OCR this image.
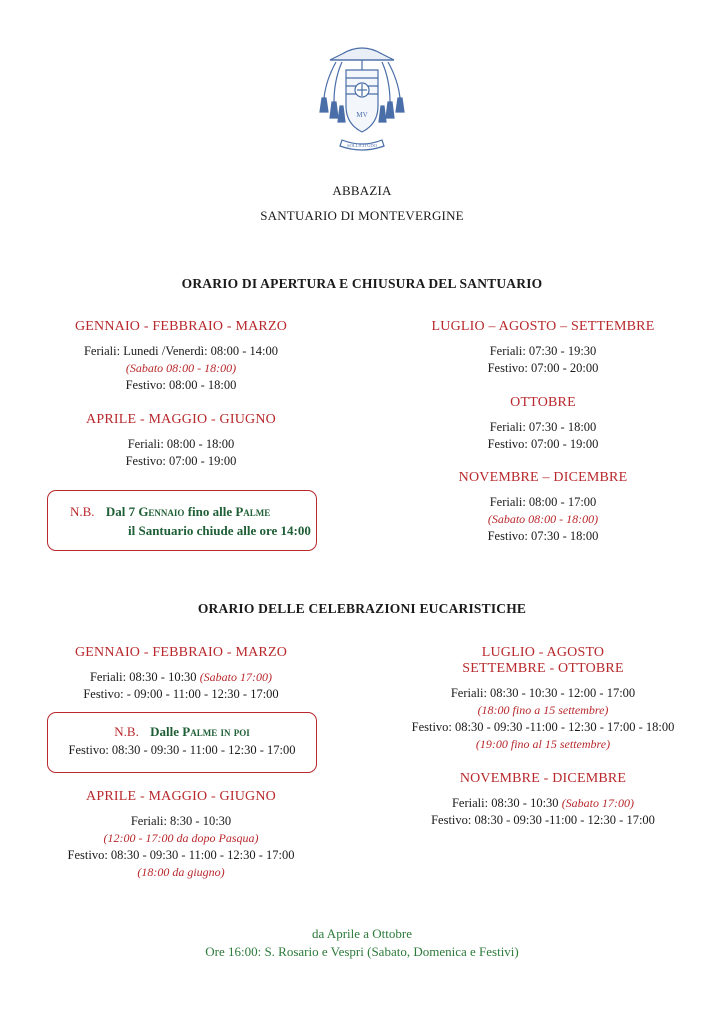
MV
SOLLICITUDO
ABBAZIA
SANTUARIO DI MONTEVERGINE
ORARIO DI APERTURA E CHIUSURA DEL SANTUARIO
GENNAIO - FEBBRAIO - MARZO
Feriali: Lunedi /Venerdì: 08:00 - 14:00
(Sabato 08:00 - 18:00)
Festivo: 08:00 - 18:00
APRILE - MAGGIO - GIUGNO
Feriali: 08:00 - 18:00
Festivo: 07:00 - 19:00
N.B. Dal 7 Gennaio fino alle Palme
il Santuario chiude alle ore 14:00
LUGLIO – AGOSTO – SETTEMBRE
Feriali: 07:30 - 19:30
Festivo: 07:00 - 20:00
OTTOBRE
Feriali: 07:30 - 18:00
Festivo: 07:00 - 19:00
NOVEMBRE – DICEMBRE
Feriali: 08:00 - 17:00
(Sabato 08:00 - 18:00)
Festivo: 07:30 - 18:00
ORARIO DELLE CELEBRAZIONI EUCARISTICHE
GENNAIO - FEBBRAIO - MARZO
Feriali: 08:30 - 10:30 (Sabato 17:00)
Festivo: - 09:00 - 11:00 - 12:30 - 17:00
N.B. Dalle Palme in poi
Festivo: 08:30 - 09:30 - 11:00 - 12:30 - 17:00
APRILE - MAGGIO - GIUGNO
Feriali: 8:30 - 10:30
(12:00 - 17:00 da dopo Pasqua)
Festivo: 08:30 - 09:30 - 11:00 - 12:30 - 17:00
(18:00 da giugno)
LUGLIO - AGOSTO
SETTEMBRE - OTTOBRE
Feriali: 08:30 - 10:30 - 12:00 - 17:00
(18:00 fino a 15 settembre)
Festivo: 08:30 - 09:30 -11:00 - 12:30 - 17:00 - 18:00
(19:00 fino al 15 settembre)
NOVEMBRE - DICEMBRE
Feriali: 08:30 - 10:30 (Sabato 17:00)
Festivo: 08:30 - 09:30 -11:00 - 12:30 - 17:00
da Aprile a Ottobre
Ore 16:00: S. Rosario e Vespri (Sabato, Domenica e Festivi)
